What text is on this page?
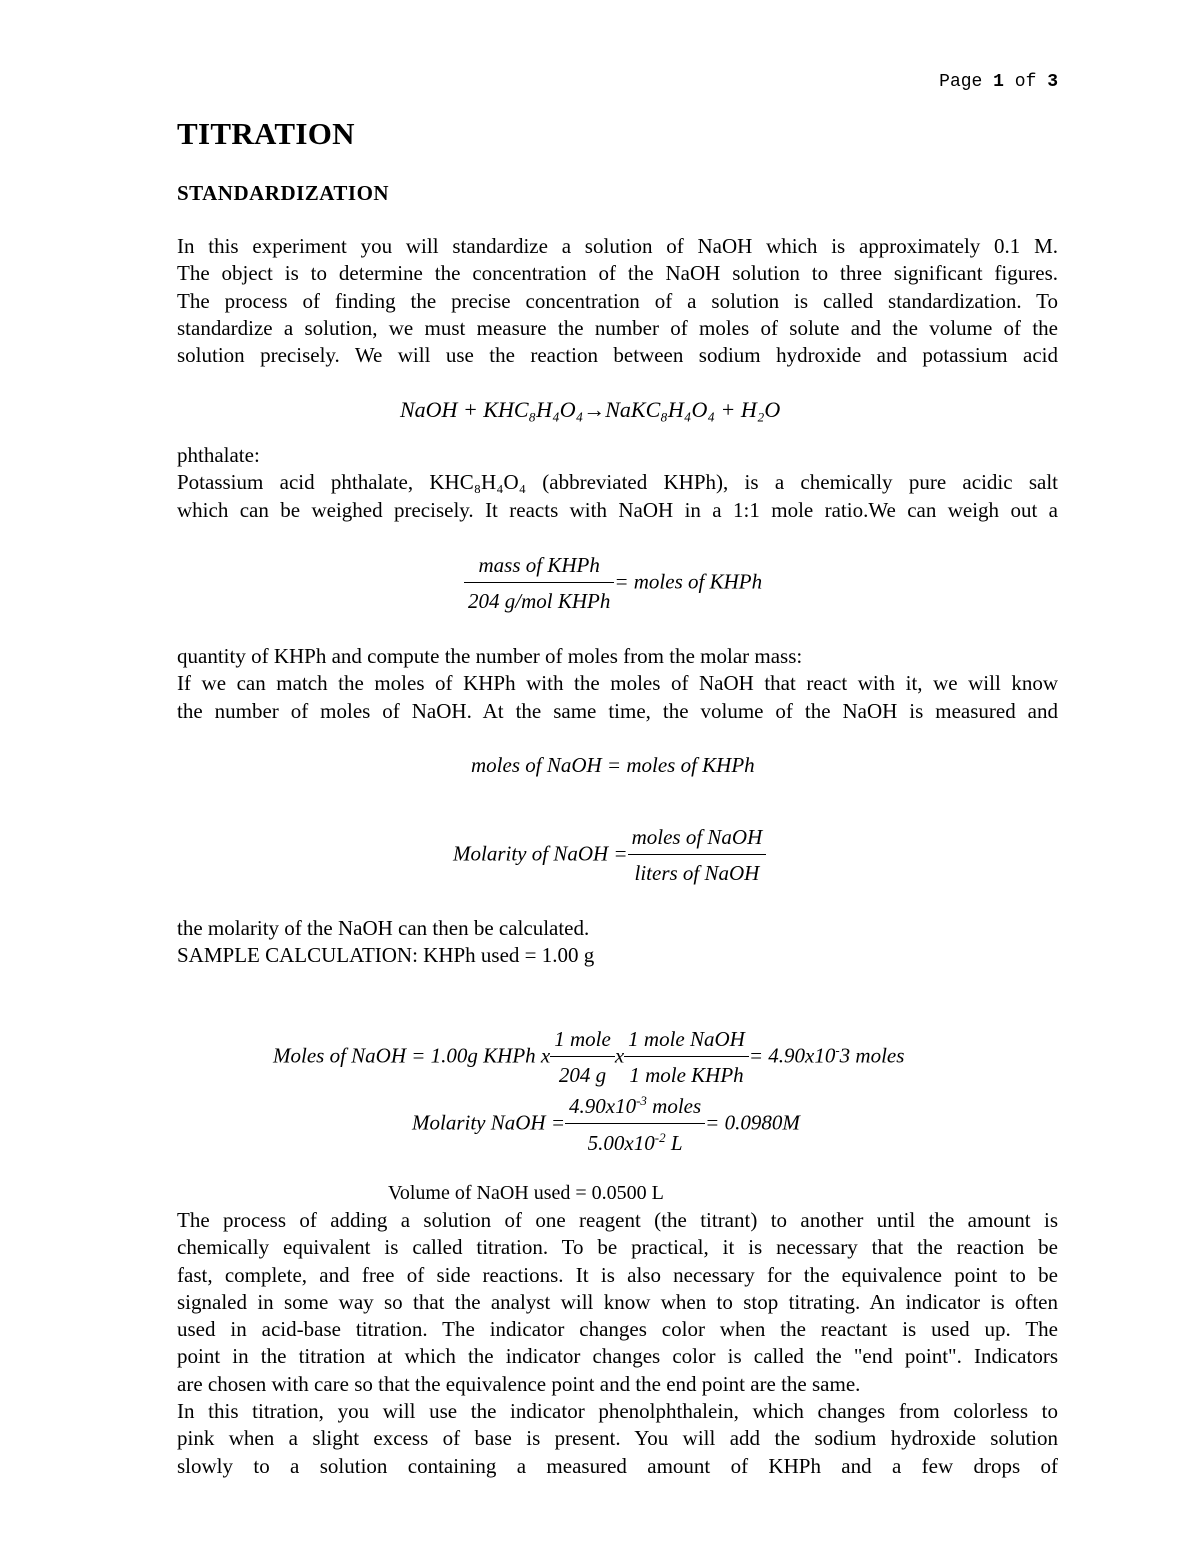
Page 1 of 3
TITRATION
STANDARDIZATION
In this experiment you will standardize a solution of NaOH which is approximately 0.1 M.
The object is to determine the concentration of the NaOH solution to three significant figures.
The process of finding the precise concentration of a solution is called standardization. To
standardize a solution, we must measure the number of moles of solute and the volume of the
solution precisely. We will use the reaction between sodium hydroxide and potassium acid
NaOH + KHC₈H₄O₄→NaKC₈H₄O₄ + H₂O
phthalate:
Potassium acid phthalate, KHC₈H₄O₄ (abbreviated KHPh), is a chemically pure acidic salt
which can be weighed precisely. It reacts with NaOH in a 1:1 mole ratio.We can weigh out a
$\frac{\text{mass of KHPh}}{\text{204 g/mol KHPh}}$ = moles of KHPh
quantity of KHPh and compute the number of moles from the molar mass:
If we can match the moles of KHPh with the moles of NaOH that react with it, we will know
the number of moles of NaOH. At the same time, the volume of the NaOH is measured and
moles of NaOH = moles of KHPh
Molarity of NaOH = $\frac{\text{moles of NaOH}}{\text{liters of NaOH}}$
the molarity of the NaOH can then be calculated.
SAMPLE CALCULATION: KHPh used = 1.00 g
Moles of NaOH = 1.00g KHPh x $\frac{\text{1 mole}}{204 g}$ x $\frac{\text{1 mole NaOH}}{\text{1 mole KHPh}} = 4.90x10^-3$ moles
Molarity NaOH = $\frac{4.90x10^{-3} moles}{5.00x10^{-2} L} = 0.0980M$
Volume of NaOH used = 0.0500 L
The process of adding a solution of one reagent (the titrant) to another until the amount is
chemically equivalent is called titration. To be practical, it is necessary that the reaction be
fast, complete, and free of side reactions. It is also necessary for the equivalence point to be
signaled in some way so that the analyst will know when to stop titrating. An indicator is often
used in acid-base titration. The indicator changes color when the reactant is used up. The
point in the titration at which the indicator changes color is called the "end point". Indicators
are chosen with care so that the equivalence point and the end point are the same.
In this titration, you will use the indicator phenolphthalein, which changes from colorless to
pink when a slight excess of base is present. You will add the sodium hydroxide solution
slowly to a solution containing a measured amount of KHPh and a few drops of
